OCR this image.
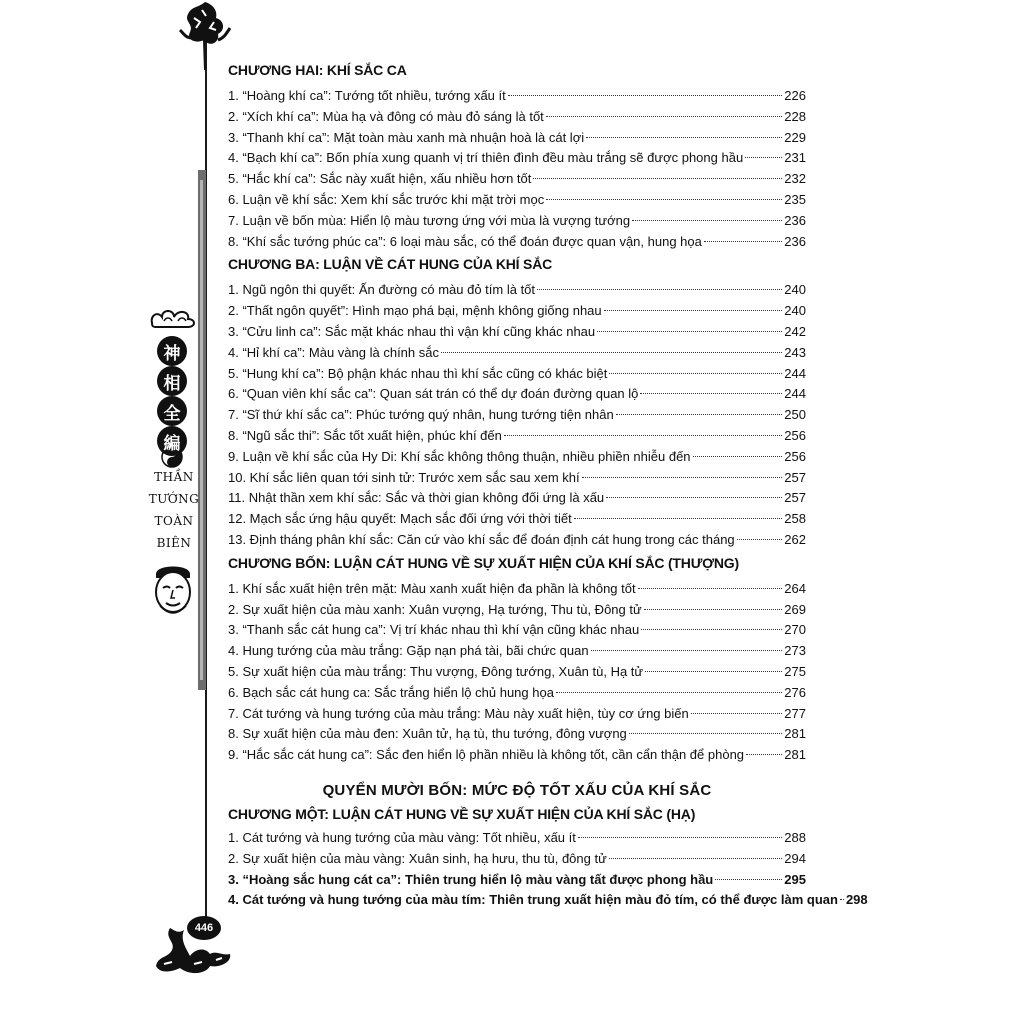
神
相
全
THẦN
TƯỚNG
TOÀN
BIÊN
446
CHƯƠNG HAI: KHÍ SẮC CA
1. “Hoàng khí ca”: Tướng tốt nhiều, tướng xấu ít	226
2. “Xích khí ca”: Mùa hạ và đông có màu đỏ sáng là tốt	228
3. “Thanh khí ca”: Mặt toàn màu xanh mà nhuận hoà là cát lợi	229
4. “Bạch khí ca”: Bốn phía xung quanh vị trí thiên đình đều màu trắng sẽ được phong hầu	231
5. “Hắc khí ca”: Sắc này xuất hiện, xấu nhiều hơn tốt	232
6. Luận về khí sắc: Xem khí sắc trước khi mặt trời mọc	235
7. Luận về bốn mùa: Hiển lộ màu tương ứng với mùa là vượng tướng	236
8. “Khí sắc tướng phúc ca”: 6 loại màu sắc, có thể đoán được quan vận, hung họa	236
CHƯƠNG BA: LUẬN VỀ CÁT HUNG CỦA KHÍ SẮC
1. Ngũ ngôn thi quyết: Ấn đường có màu đỏ tím là tốt	240
2. “Thất ngôn quyết”: Hình mạo phá bại, mệnh không giống nhau	240
3. “Cửu linh ca”: Sắc mặt khác nhau thì vận khí cũng khác nhau	242
4. “Hỉ khí ca”: Màu vàng là chính sắc	243
5. “Hung khí ca”: Bộ phận khác nhau thì khí sắc cũng có khác biệt	244
6. “Quan viên khí sắc ca”: Quan sát trán có thể dự đoán đường quan lộ	244
7. “Sĩ thứ khí sắc ca”: Phúc tướng quý nhân, hung tướng tiện nhân	250
8. “Ngũ sắc thi”: Sắc tốt xuất hiện, phúc khí đến	256
9. Luận về khí sắc của Hy Di: Khí sắc không thông thuận, nhiều phiền nhiễu đến	256
10. Khí sắc liên quan tới sinh tử: Trước xem sắc sau xem khí	257
11. Nhật thần xem khí sắc: Sắc và thời gian không đối ứng là xấu	257
12. Mạch sắc ứng hậu quyết: Mạch sắc đối ứng với thời tiết	258
13. Định tháng phân khí sắc: Căn cứ vào khí sắc để đoán định cát hung trong các tháng	262
CHƯƠNG BỐN: LUẬN CÁT HUNG VỀ SỰ XUẤT HIỆN CỦA KHÍ SẮC (THƯỢNG)
1. Khí sắc xuất hiện trên mặt: Màu xanh xuất hiện đa phần là không tốt	264
2. Sự xuất hiện của màu xanh: Xuân vượng, Hạ tướng, Thu tù, Đông tử	269
3. “Thanh sắc cát hung ca”: Vị trí khác nhau thì khí vận cũng khác nhau	270
4. Hung tướng của màu trắng: Gặp nạn phá tài, bãi chức quan	273
5. Sự xuất hiện của màu trắng: Thu vượng, Đông tướng, Xuân tù, Hạ tử	275
6. Bạch sắc cát hung ca: Sắc trắng hiển lộ chủ hung họa	276
7. Cát tướng và hung tướng của màu trắng: Màu này xuất hiện, tùy cơ ứng biến	277
8. Sự xuất hiện của màu đen: Xuân tử, hạ tù, thu tướng, đông vượng	281
9. “Hắc sắc cát hung ca”: Sắc đen hiển lộ phần nhiều là không tốt, cần cẩn thận để phòng	281
QUYỂN MƯỜI BỐN: MỨC ĐỘ TỐT XẤU CỦA KHÍ SẮC
CHƯƠNG MỘT: LUẬN CÁT HUNG VỀ SỰ XUẤT HIỆN CỦA KHÍ SẮC (HẠ)
1. Cát tướng và hung tướng của màu vàng: Tốt nhiều, xấu ít	288
2. Sự xuất hiện của màu vàng: Xuân sinh, hạ hưu, thu tù, đông tử	294
3. “Hoàng sắc hung cát ca”: Thiên trung hiển lộ màu vàng tất được phong hầu	295
4. Cát tướng và hung tướng của màu tím: Thiên trung xuất hiện màu đỏ tím, có thể được làm quan 298
編
